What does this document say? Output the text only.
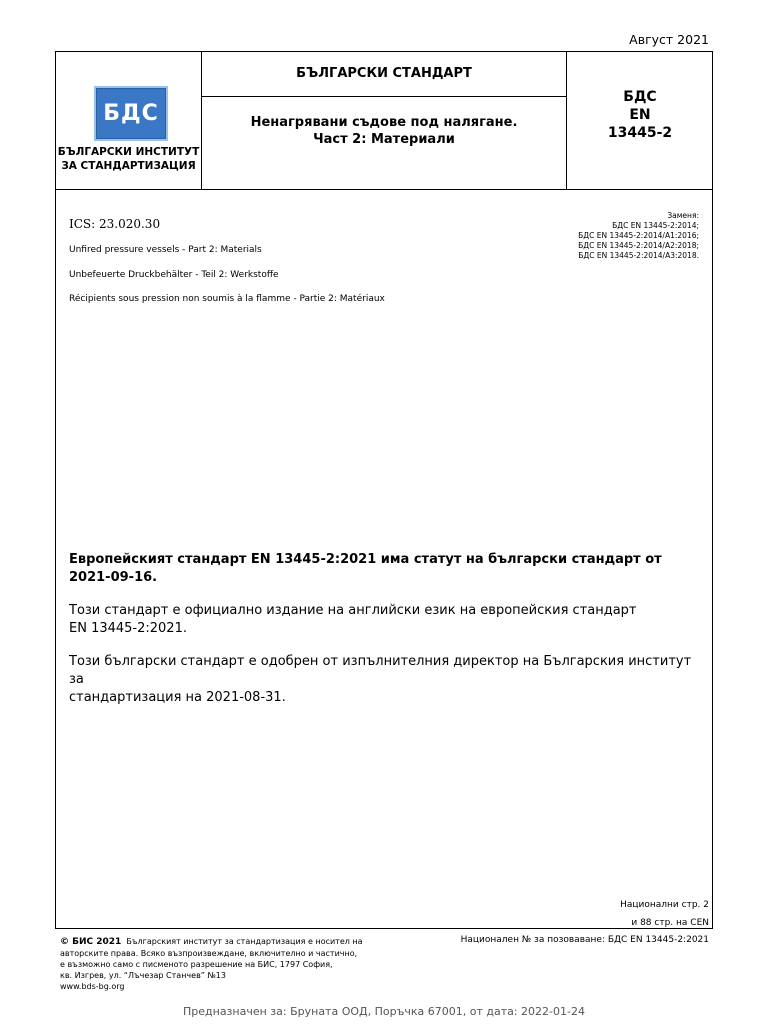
Август 2021
БДС
БЪЛГАРСКИ ИНСТИТУТ
ЗА СТАНДАРТИЗАЦИЯ
БЪЛГАРСКИ СТАНДАРТ
Ненагрявани съдове под налягане.
Част 2: Материали
БДС
EN
13445-2
ICS: 23.020.30
Unfired pressure vessels - Part 2: Materials
Unbefeuerte Druckbehälter - Teil 2: Werkstoffe
Récipients sous pression non soumis à la flamme - Partie 2: Matériaux
Заменя:
БДС EN 13445-2:2014;
БДС EN 13445-2:2014/A1:2016;
БДС EN 13445-2:2014/A2:2018;
БДС EN 13445-2:2014/A3:2018.
Европейският стандарт EN 13445-2:2021 има статут на български стандарт от
2021-09-16.
Този стандарт е официално издание на английски език на европейския стандарт
EN 13445-2:2021.
Този български стандарт е одобрен от изпълнителния директор на Българския институт за
стандартизация на 2021-08-31.
Национални стр. 2
и 88 стр. на CEN
© БИС 2021 Българският институт за стандартизация е носител на
авторските права. Всяко възпроизвеждане, включително и частично,
е възможно само с писменото разрешение на БИС, 1797 София,
кв. Изгрев, ул. “Лъчезар Станчев” №13
www.bds-bg.org
Национален № за позоваване: БДС EN 13445-2:2021
Предназначен за: Бруната ООД, Поръчка 67001, от дата: 2022-01-24
